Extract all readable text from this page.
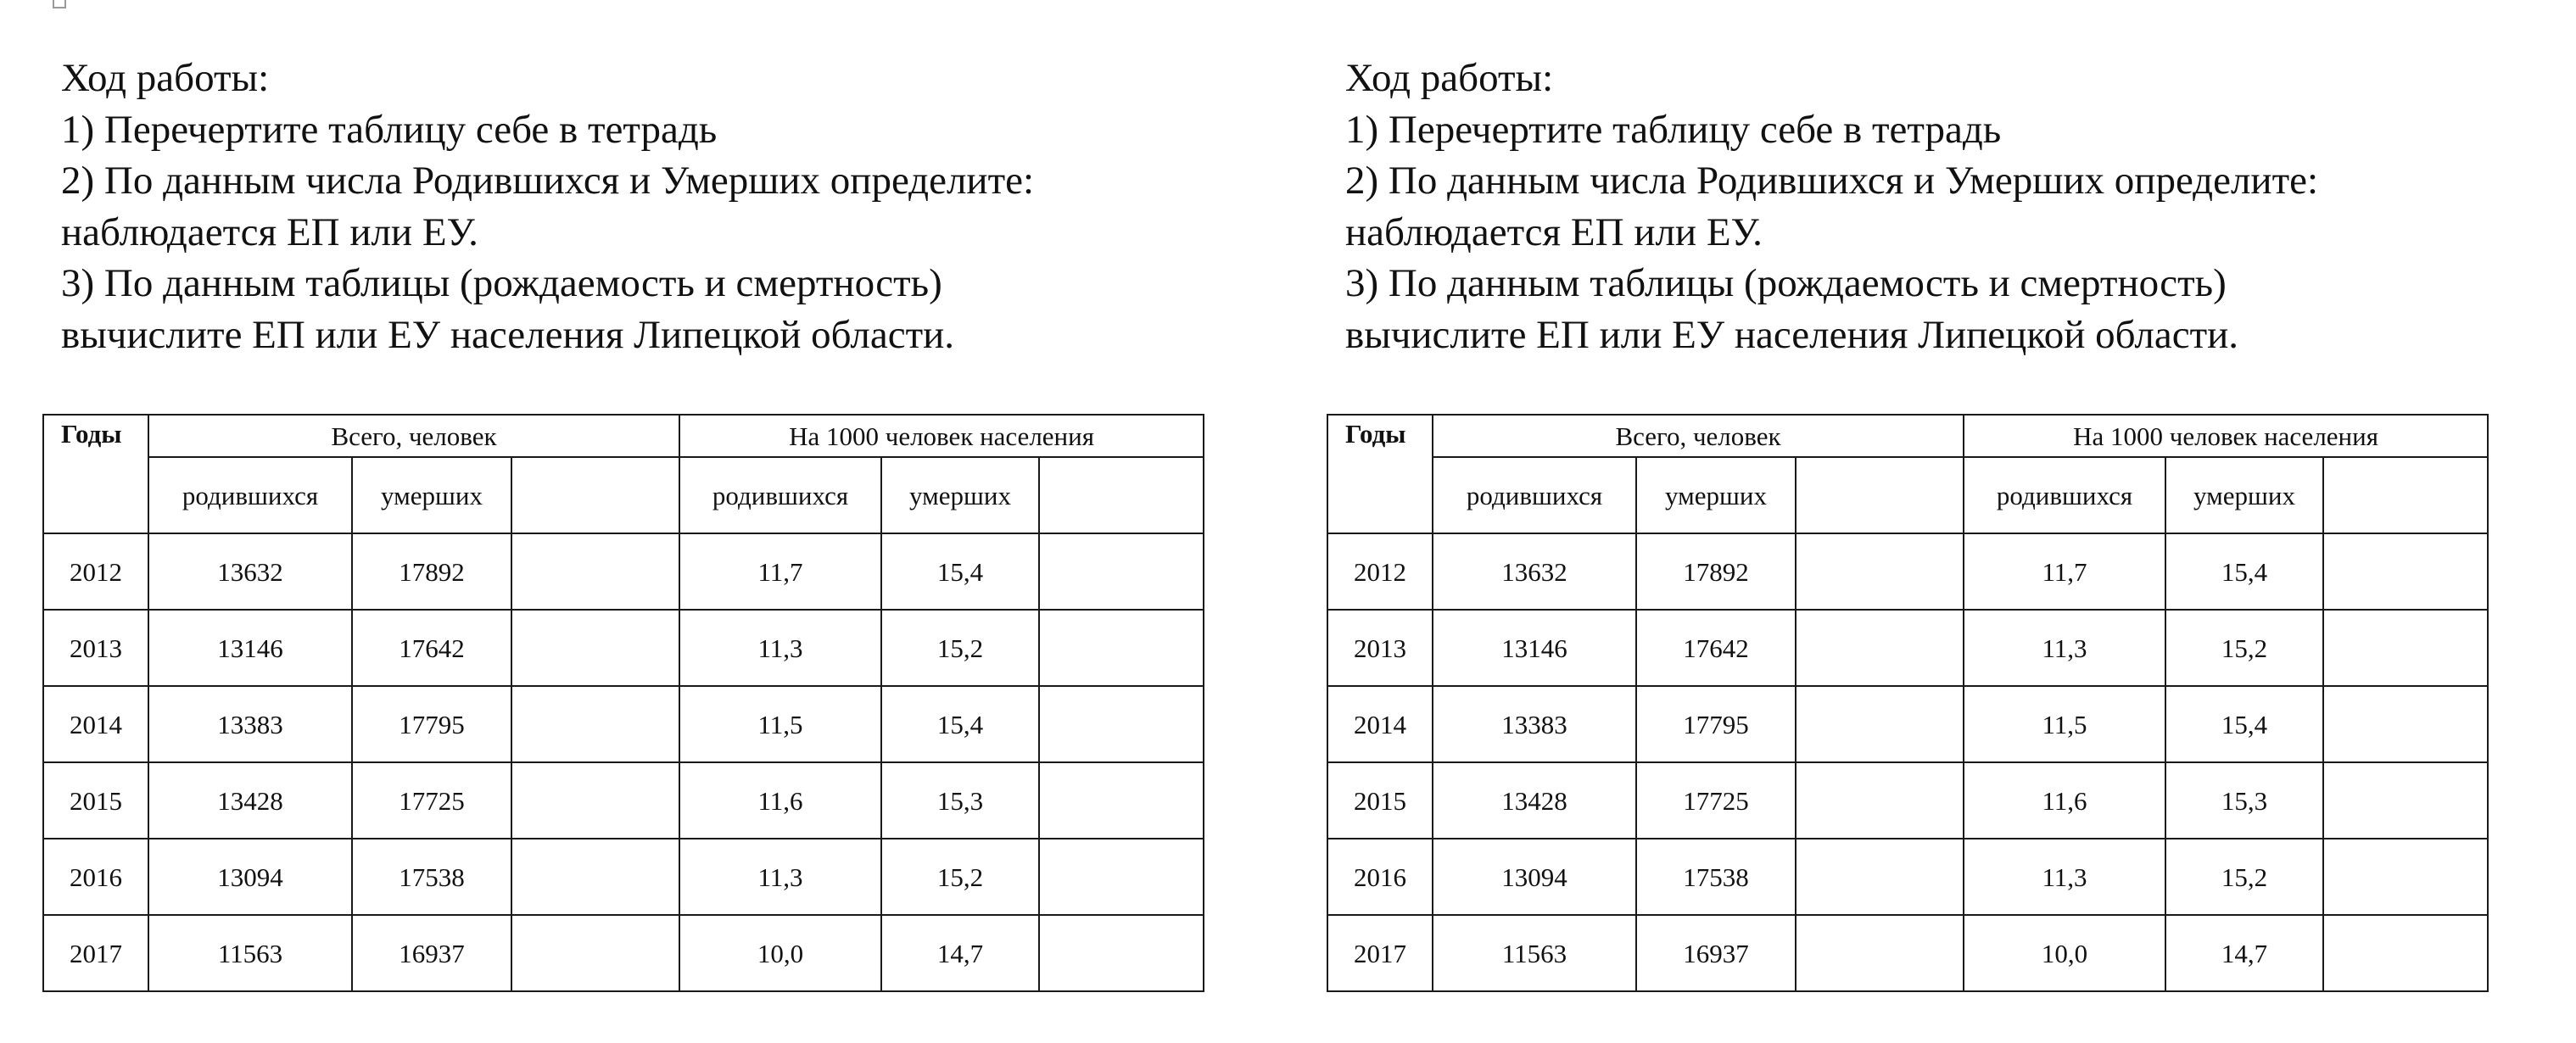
Ход работы:
1) Перечертите таблицу себе в тетрадь
2) По данным числа Родившихся и Умерших определите:
наблюдается ЕП или ЕУ.
3) По данным таблицы (рождаемость и смертность)
вычислите ЕП или ЕУ населения Липецкой области.
Годы	Всего, человек			На 1000 человек населения		
	родившихся	умерших		родившихся	умерших	
2012	13632	17892		11,7	15,4	
2013	13146	17642		11,3	15,2	
2014	13383	17795		11,5	15,4	
2015	13428	17725		11,6	15,3	
2016	13094	17538		11,3	15,2	
2017	11563	16937		10,0	14,7	
Ход работы:
1) Перечертите таблицу себе в тетрадь
2) По данным числа Родившихся и Умерших определите:
наблюдается ЕП или ЕУ.
3) По данным таблицы (рождаемость и смертность)
вычислите ЕП или ЕУ населения Липецкой области.
Годы	Всего, человек			На 1000 человек населения		
	родившихся	умерших		родившихся	умерших	
2012	13632	17892		11,7	15,4	
2013	13146	17642		11,3	15,2	
2014	13383	17795		11,5	15,4	
2015	13428	17725		11,6	15,3	
2016	13094	17538		11,3	15,2	
2017	11563	16937		10,0	14,7	
